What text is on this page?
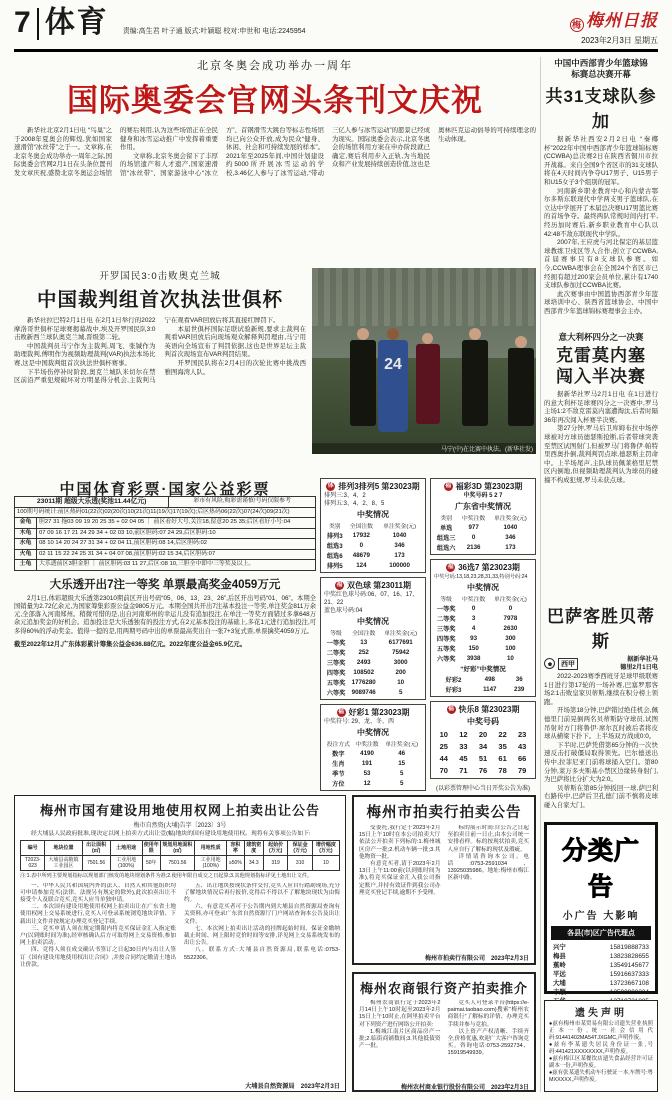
7 体育 责编:高生君 叶子通 版式:叶颖聪 校对:申世和 电话:2245954
梅 梅州日报
2023年2月3日 星期五
北京冬奥会成功举办一周年
国际奥委会官网头条刊文庆祝

新华社北京2月1日电 “鸟巢”之于2008年夏奥会的辉煌,犹如国家速滑馆“冰丝带”之于一。文章称,在北京冬奥会成功举办一周年之际,国际奥委会官网2月1日在头条位置刊发文章庆祝,盛赞北京冬奥运会场馆的赛后利用,认为这些场馆正在全民健身和冰雪运动推广中发挥着重要作用。

文章称,北京冬奥会留下了丰厚的场馆遗产和人才遗产,国家速滑馆“冰丝带”、国家游泳中心“冰立方”、首钢滑雪大跳台等标志性场馆均已向公众开放,成为民众“健身、休闲、社会和可持续发展的样本”。2021年至2025年间,中国计划建设约5000所开展冰雪运动的学校,3.46亿人参与了冰雪运动,“带动三亿人参与冰雪运动”的愿景已经成为现实。国际奥委会表示,北京冬奥会的场馆利用方案在申办阶段就已确定,赛后利用步入正轨,为当地民众和产业发展持续创造价值,这也是奥林匹克运动倡导的可持续理念的生动体现。

开罗国民3:0击败奥克兰城
中国裁判组首次执法世俱杯

新华社拉巴特2月1日电 在2月1日举行的2022摩洛哥世俱杯足球赛揭幕战中,埃及开罗国民队3:0击败新西兰球队奥克兰城,晋级第二轮。

中国裁判员马宁作为主裁判,周飞、张铖作为助理裁判,傅明作为视频助理裁判(VAR)执法本场比赛,这是中国裁判组首次执法世俱杯赛事。

下半场伤停补时阶段,奥克兰城队米切尔在禁区前沿严重犯规破坏对方明显得分机会,主裁判马宁在观看VAR回放后将其直接红牌罚下。

本届世俱杯国际足联试验新规,要求主裁判在观看VAR回放后向现场观众解释判罚理由,马宁用英语向全场宣布了判罚依据,这也是世界足坛主裁判首次现场宣布VAR判罚结果。

开罗国民队将在2月4日的次轮比赛中挑战西雅图海湾人队。	24
马宁(中)在比赛中执法。(新华社发)
中国中西部青少年篮球锦
标赛总决赛开幕
共31支球队参加

据新华社西安2月2日电 “秦椰杯”2022年中国中西部青少年篮球锦标赛(CCWBA)总决赛2日在陕西省铜川市拉开战幕。来自全国9个省区市的31支球队将在4天时间内争夺U17男子、U15男子和U15女子3个组别的冠军。

河南新乡职业教育中心和内蒙古鄂尔多斯东联现代中学两支男子篮球队,在立达中学展开了本届总决赛U17男篮比赛的首场争夺。最终两队常规时间内打平,经历加时赛后,新乡职业教育中心队以42:48不敌东联现代中学队。

2007年,王应虎与河北保定的基层篮球教练卫戍区等人合作,创立了CCWBA,首届赛事只有8支球队参赛。如今,CCWBA理事会在全国24个省区市已经拥有超过200家会员单位,累计有1740支球队参加过CCWBA比赛。

此次赛事由中国篮协西部青少年篮球培训中心、陕西省篮球协会、中国中西部青少年篮球锦标赛理事会主办。

意大利杯四分之一决赛
克雷莫内塞
闯入半决赛

据新华社罗马2月1日电 在1日进行的意大利杯足球赛四分之一决赛中,罗马主场1:2不敌克雷莫内塞遭淘汰,后者时隔36年再次闯入杯赛半决赛。

第27分钟,罗马后卫库姆布拉中场停球被对方球员德瑟斯抢断,后者带球突袭至禁区试图射门,但被罗马门将鲁伊·帕特里西奥扑倒,裁判判罚点球,德瑟斯主罚命中。上半场尾声,主队球员佩莱格里尼禁区内倒地,但视频助理裁判认为球员的碰撞不构成犯规,罗马未获点球。

巴萨客胜贝蒂斯
西甲
据新华社马
德里2月1日电

2022-2023赛季西班牙足球甲级联赛1日进行第17轮的一场补赛,巴塞罗那客场2:1击败皇家贝蒂斯,继续在积分榜上领跑。

开场第18分钟,巴萨错过绝佳机会,佩德里门前晃倒两名贝蒂斯防守球员,试图吊射对方门将鲁伊·席尔瓦时被后者将皮球从横梁下扑下。上半场双方战成0:0。

下半时,巴萨凭借第65分钟的一次快速反击打破僵局取得领先。巴尔德送出传中,拉菲尼亚门前将球捅入空门。第80分钟,莱万多夫斯基小禁区边缘转身射门,为巴萨将比分扩大为2:0。

贝蒂斯在第85分钟扳回一球,萨巴利右路传中,巴萨后卫孔德门前不慎将皮球碰入自家大门。

中国体育彩票·国家公益彩票
23011期 超级大乐透(奖池11.44亿元)		彩市有风险,购彩需谨慎!号码仅限参考
100期号码统计:前区热码01(22次)02(20次)10(21次)11(19次)17(19次);后区热码06(22次)07(24次)09(21次)		
金龟	胆27 31 拖03 09 19 20 25 35 + 02 04 05 ｜ 前区看好大号,关注18,留意20 25 35;后区看好小号:04	
木龟	07 09 16 17 21 24 29 34 + 02 03 10,前区胆码:07 24 29,后区胆码:10	
水龟	08 10 14 20 24 27 31 34 + 02 04 11,前区胆码:08 14,后区胆码:02	
火龟	02 11 15 22 24 25 31 34 + 04 07 08,前区胆码:02 15 34,后区胆码:07	
土龟	大乐透前区3胆金胆 ｜ 前区胆码:03 11 27,后区:08 10,三胆全中即中三等奖及以上。	
大乐透开出7注一等奖 单票最高奖金4059万元

2月1日,体彩超级大乐透第23010期前区开出号码“05、06、13、23、26”,后区开出号码“01、06”。本期全国销量为2.72亿余元,为国家筹集彩票公益金9805万元。本期全国共开出7注基本投注一等奖,单注奖金811万余元,全部落入河南郑州。稍微可惜的是,出自河南郑州的幸运儿没有追加投注,在单注一等奖方面错过多拿648万余元追加奖金的好机会。追加投注是大乐透独有的投注方式,在2元基本投注的基础上,多花1元进行追加投注,可多得60%的浮动奖金。值得一提的是,用两期号码中出的单票最高奖出自一张7+3复式票,单票擒奖4059万元。

截至2022年12月,广东体彩累计筹集公益金636.88亿元。2022年度公益金65.9亿元。
体 排列3排列5 第23023期
排列三:3、4、2
排列五:3、4、2、8、5
中奖情况
类别	全国注数	单注奖金(元)
排列3	17932	1040
组选3	0	346
组选6	48679	173
排列5	124	100000
福 双色球 第23011期
中奖红色球号码:06、07、16、17、21、22
蓝色球号码:04
中奖情况
等级	全国注数	单注奖金(元)
一等奖	13	6177691
二等奖	252	75942
三等奖	2493	3000
四等奖	108502	200
五等奖	1776280	10
六等奖	9089746	5
福 好彩1 第23023期
中奖符号: 29、龙、冬、西
中奖情况
投注方式	中奖注数	单注奖金(元)
数字	4190	46
生肖	191	15
季节	53	5
方位	12	5
福 福彩3D 第23023期
中奖号码 5 2 7
广东省中奖情况
类别	中奖注数	单注奖金(元)
单选	977	1040
组选三	0	346
组选六	2136	173
福 36选7 第23023期
中奖号码:13,18,23,28,31,33,特别号码:24
中奖情况
等级	中奖注数	单注奖金(元)
一等奖	0	0
二等奖	3	7978
三等奖	4	2630
四等奖	93	300
五等奖	150	100
六等奖	3938	10
“好彩”中奖情况
好彩2	498	36
好彩3	1147	239
福 快乐8 第23023期
中奖号码
10	12	20	22	23
25	33	34	35	43
44	45	51	61	66
70	71	76	78	79
(以彩票管理中心当日开奖公告为准)
梅州市国有建设用地使用权网上拍卖出让公告
梅市自然资(大埔)告字〔2023〕3号
经大埔县人民政府批准,现决定以网上拍卖方式出让壹(幅)地块的国有建设用地使用权。现将有关事项公告如下:
编号	地块位置	出让面积(㎡)	土地用途	使用年限	规划用地面积(㎡)	用地性质	容积率	建筑密度	起始价(万元)	保证金(万元)	增价幅度(万元)
T2023-023	大埔县高陂镇工业园区	7501.56	工业用地(100%)	50年	7501.56	工业用地(100%)	≥50%	34.3	319	310	10
注:1.表中所列主要规划指标以规划部门核发的地块规划条件为准;2.使用年限自成交之日起算;3.其他规划指标详见土地出让文件。

一、中华人民共和国境内外的法人、自然人和其他组织均可申请参加竞买(法律、法规另有规定的除外),此次拍卖出让不接受个人及联合竞买,竞买人应当单独申请。

二、本次国有建设用地使用权网上拍卖出让在广东省土地使用权网上交易系统进行,竞买人可登录系统浏览地块详情、下载出让文件并按规定办理竞买登记手续。

三、竞买申请人须在规定期限内将竞买保证金汇入指定账户(以到账时间为准),经审核确认后方可取得网上交易资格,参加网上拍卖活动。

四、竞得人须在成交确认书签订之日起30日内与出让人签订《国有建设用地使用权出让合同》,并按合同约定缴清土地出让价款。

五、出让地块按现状条件交付,竞买人应自行踏勘现场,充分了解地块情况后再行报价,竞得后不得以不了解地块现状为由悔约。

六、有意竞买者可于公告期内到大埔县自然资源局查询有关资料,亦可登录广东省自然资源厅门户网站查询本公告及出让文件。

七、本次网上拍卖出让活动的挂牌起始时间、保证金缴纳截止时间、网上限时竞价时间等安排,详见网上交易系统发布的出让公告。

八、联系方式:大埔县自然资源局,联系电话:0753-5522306。

大埔县自然资源局　 2023年2月3日
梅州市拍卖行拍卖公告

受委托,我行定于2023年2月15日上午10时在本公司拍卖大厅依法公开拍卖下列标的:1.梅州城区房产一批;2.机动车辆一批;3.其他物资一批。

有意竞买者,请于2023年2月13日上午11:00前(以到账时间为准),将竞买保证金汇入我公司指定账户,并持有效证件到我公司办理竞买登记手续,逾期不予受理。

标的展示时间:自公告之日起至拍卖日前一日止,由本公司统一安排看样。标的按现状拍卖,竞买人应自行了解标的现状及瑕疵。

详情请咨询本公司。电话:0753-2591034、13925035986。地址:梅州市梅江区新中路。

梅州市拍卖行有限公司　 2023年2月3日
梅州农商银行资产拍卖推介

梅州农商银行定于2023年2月14日上午10时起至2023年2月15日上午10时止,在阿里拍卖平台对下列资产进行网络公开拍卖:

1.梅城江南片区商品房产一批;2.临街商铺数间;3.其他抵债资产一批。

竞买人可登录平台(https://e-paimai.taobao.com)搜索“梅州农商银行”了解标的详情、办理竞买手续并参与竞拍。

以上资产产权清晰、手续齐全,价格优惠,欢迎广大客户咨询竞买。咨询电话:0753-2592734、15919549939。

梅州农村商业银行股份有限公司　 2023年2月3日
分类广告
小广告 大影响
各县(市)区广告代理点
兴宁	15819888733
梅县	13823828655
蕉岭	13549145677
平远	15916637333
大埔	13723667108
丰顺	13590900234
遗失声明

●兹有梅州市某贸易有限公司遗失营业执照正本一份,统一社会信用代码:91441402MA54TJXGMC,声明作废。

●兹有李某遗失居民身份证一张,号码:441421XXXXXXXX,声明作废。

●兹有梅江区某餐饮店遗失食品经营许可证副本一份,声明作废。

●兹有张某遗失机动车行驶证一本,车牌号:粤MXXXXX,声明作废。
